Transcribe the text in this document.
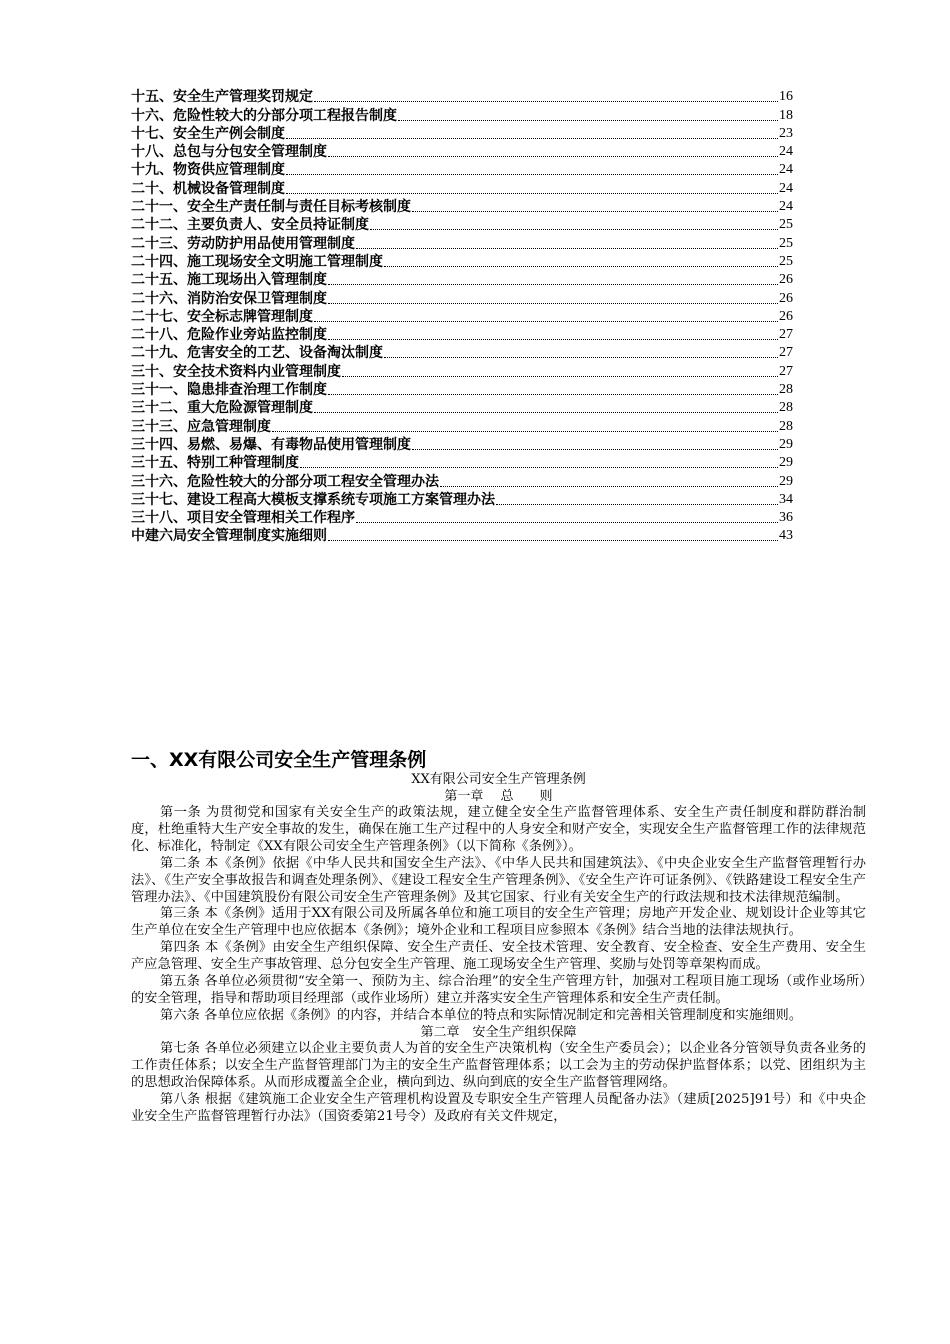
十五、安全生产管理奖罚规定	16
十六、危险性较大的分部分项工程报告制度	18
十七、安全生产例会制度	23
十八、总包与分包安全管理制度	24
十九、物资供应管理制度	24
二十、机械设备管理制度	24
二十一、安全生产责任制与责任目标考核制度	24
二十二、主要负责人、安全员持证制度	25
二十三、劳动防护用品使用管理制度	25
二十四、施工现场安全文明施工管理制度	25
二十五、施工现场出入管理制度	26
二十六、消防治安保卫管理制度	26
二十七、安全标志牌管理制度	26
二十八、危险作业旁站监控制度	27
二十九、危害安全的工艺、设备淘汰制度	27
三十、安全技术资料内业管理制度	27
三十一、隐患排查治理工作制度	28
三十二、重大危险源管理制度	28
三十三、应急管理制度	28
三十四、易燃、易爆、有毒物品使用管理制度	29
三十五、特别工种管理制度	29
三十六、危险性较大的分部分项工程安全管理办法	29
三十七、建设工程高大模板支撑系统专项施工方案管理办法	34
三十八、项目安全管理相关工作程序	36
中建六局安全管理制度实施细则	43
一、XX有限公司安全生产管理条例
XX有限公司安全生产管理条例
第一章　 总　　则

第一条 为贯彻党和国家有关安全生产的政策法规，建立健全安全生产监督管理体系、安全生产责任制度和群防群治制度，杜绝重特大生产安全事故的发生，确保在施工生产过程中的人身安全和财产安全，实现安全生产监督管理工作的法律规范化、标准化，特制定《XX有限公司安全生产管理条例》（以下简称《条例》）。

第二条 本《条例》依据《中华人民共和国安全生产法》、《中华人民共和国建筑法》、《中央企业安全生产监督管理暂行办法》、《生产安全事故报告和调查处理条例》、《建设工程安全生产管理条例》、《安全生产许可证条例》、《铁路建设工程安全生产管理办法》、《中国建筑股份有限公司安全生产管理条例》及其它国家、行业有关安全生产的行政法规和技术法律规范编制。

第三条 本《条例》适用于XX有限公司及所属各单位和施工项目的安全生产管理；房地产开发企业、规划设计企业等其它生产单位在安全生产管理中也应依据本《条例》；境外企业和工程项目应参照本《条例》结合当地的法律法规执行。

第四条 本《条例》由安全生产组织保障、安全生产责任、安全技术管理、安全教育、安全检查、安全生产费用、安全生产应急管理、安全生产事故管理、总分包安全生产管理、施工现场安全生产管理、奖励与处罚等章架构而成。

第五条 各单位必须贯彻“安全第一、预防为主、综合治理”的安全生产管理方针，加强对工程项目施工现场（或作业场所）的安全管理，指导和帮助项目经理部（或作业场所）建立并落实安全生产管理体系和安全生产责任制。

第六条 各单位应依据《条例》的内容，并结合本单位的特点和实际情况制定和完善相关管理制度和实施细则。

第二章　安全生产组织保障

第七条 各单位必须建立以企业主要负责人为首的安全生产决策机构（安全生产委员会）；以企业各分管领导负责各业务的工作责任体系；以安全生产监督管理部门为主的安全生产监督管理体系；以工会为主的劳动保护监督体系；以党、团组织为主的思想政治保障体系。从而形成覆盖全企业，横向到边、纵向到底的安全生产监督管理网络。

第八条 根据《建筑施工企业安全生产管理机构设置及专职安全生产管理人员配备办法》（建质[2025]91号）和《中央企业安全生产监督管理暂行办法》（国资委第21号令）及政府有关文件规定，
